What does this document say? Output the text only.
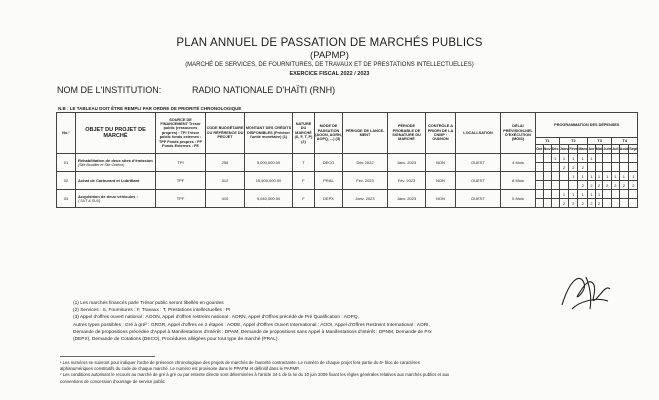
PLAN ANNUEL DE PASSATION DE MARCHÉS PUBLICS
(PAPMP)
(MARCHÉ DE SERVICES, DE FOURNITURES, DE TRAVAUX ET DE PRESTATIONS INTELLECTUELLES)
EXERCICE FISCAL 2022 / 2023
NOM DE L'INSTITUTION:	RADIO NATIONALE D'HAÏTI (RNH)
N.B : LE TABLEAU DOIT ÊTRE REMPLI PAR ORDRE DE PRIORITÉ CHRONOLOGIQUE
No.¹	OBJET DU PROJET DE MARCHÉ	SOURCE DE FINANCEMENT Trésor public (ressources propres) : TPI Trésor public fonds externes : TPF Fonds propres : FP Fonds Externes : FE	CODE BUDGÉTAIRE OU RÉFÉRENCE DU PROJET	MONTANT DES CRÉDITS DISPONIBLES (Préciser l'unité monétaire) (1)	NATURE DU MARCHÉ (S, F, T, P) (2)	MODE DE PASSATION (AOON, AORN, AOPQ, ...) (3)	PÉRIODE DE LANCE-MENT	PÉRIODE PROBABLE DE SIGNATURE DU MARCHÉ	CONTRÔLE A PRIORI DE LA CNMP : OUI/NON	LOCALI-SATION	DÉLAI PRÉVISION-NEL D'EXÉCUTION (MOIS)	PROGRAMMATION DES DÉPENSES											
												T1			T2			T3			T4		
												Oct	Nov	Déc	Janv	Févr	Mars	Avr	Mai	Juin	Juil	Août	Sept
01	Réhabilitation de deux sites d'émission
(Site Boutilier et Site Obléon)	TPI	256	5,000,000.00	T	DECO	Déc 2022	Janv. 2023	NON	OUEST	4 Mois			1	1	1	1	1					
															2	2	2						
02	Achat de Carburant et Lubrifiant	TPF	312	15,500,000.00	F	PRAL	Fév. 2023	Fév. 2023	NON	OUEST	8 Mois					1	1	1	1	1	1	1	1
																	2	2	2	2	2	2	2
03	Acquisition de deux véhicules :
( SUT & SUV)	TPF	410	9,040,000.00	F	DEPX	Janv. 2023	Janv. 2023	NON	OUEST	5 Mois				1	1	1	1	1				
															2	2	2	2	2				
(1) Les marchés financés parle Trésor public seront libellés en gourdes
(2) Services : S, Fournitures : F, Travaux : T, Prestations intellectuelles : PI
(3) Appel d'offres ouvert national : AOON, Appel d'offres restreint national : AORN, Appel d'Offres précédé de Pré Qualification : AOPQ,
Autres types possibles : Gré à gré² : GRGR, Appel d'offres en 2 étapes : AODE, Appel d'Offres Ouvert International : AOOI, Appel d'Offres Restreint International : AORI,
Demande de propositions précédée d'Appel à Manifestations d'intérêt : DPAM, Demande de propositions sans Appel à Manifestations d'intérêt : DPNM, Demande de Prx
(DEPX), Demande de Cotations (DECO), Procédures allégées pour tout type de marché (PRAL).
¹ Les numéros se suivront pour indiquer l'ordre de présence chronologique des projets de marchés de l'autorité contractante. Le numéro de chaque projet fera partie du 6ᵉ bloc de caractères
alphanumériques constitutifs du code de chaque marché. Le numéro est provisoire dans le PPAPM et définitif dans le PAPMP.
² Les conditions autorisant le recours au marché de gré à gré ou par entente directe sont déterminées à l'article 34-1 de la loi du 10 juin 2009 fixant les règles générales relatives aux marchés publics et aux
conventions de concession d'ouvrage de service public
